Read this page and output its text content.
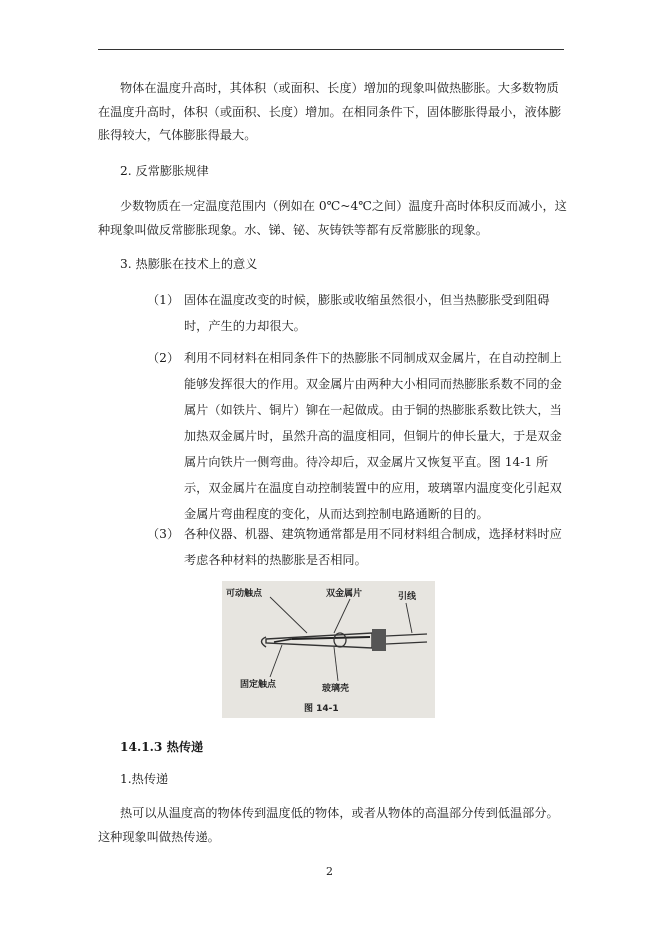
物体在温度升高时，其体积（或面积、长度）增加的现象叫做热膨胀。大多数物质在温度升高时，体积（或面积、长度）增加。在相同条件下，固体膨胀得最小，液体膨胀得较大，气体膨胀得最大。

2. 反常膨胀规律

少数物质在一定温度范围内（例如在 0℃~4℃之间）温度升高时体积反而减小，这种现象叫做反常膨胀现象。水、锑、铋、灰铸铁等都有反常膨胀的现象。

3. 热膨胀在技术上的意义

（1） 固体在温度改变的时候，膨胀或收缩虽然很小，但当热膨胀受到阻碍时，产生的力却很大。
（2） 利用不同材料在相同条件下的热膨胀不同制成双金属片，在自动控制上能够发挥很大的作用。双金属片由两种大小相同而热膨胀系数不同的金属片（如铁片、铜片）铆在一起做成。由于铜的热膨胀系数比铁大，当加热双金属片时，虽然升高的温度相同，但铜片的伸长量大，于是双金属片向铁片一侧弯曲。待冷却后，双金属片又恢复平直。图 14-1 所示，双金属片在温度自动控制装置中的应用，玻璃罩内温度变化引起双金属片弯曲程度的变化，从而达到控制电路通断的目的。
（3） 各种仪器、机器、建筑物通常都是用不同材料组合制成，选择材料时应考虑各种材料的热膨胀是否相同。
可动触点	双金属片	引线
固定触点	玻璃壳
图 14-1
14.1.3 热传递

1.热传递

热可以从温度高的物体传到温度低的物体，或者从物体的高温部分传到低温部分。这种现象叫做热传递。

2
